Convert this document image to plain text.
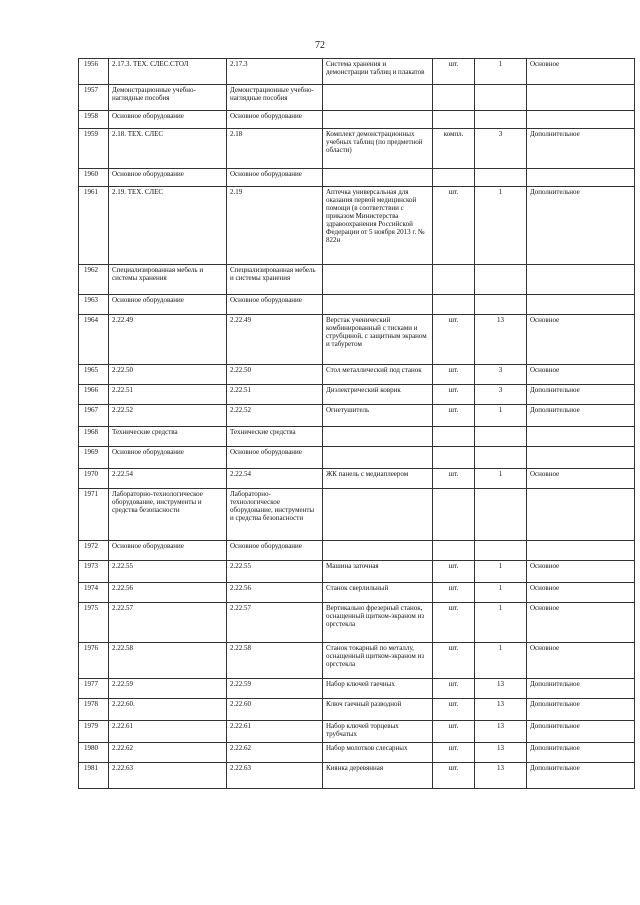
72
1956	2.17.3. ТЕХ. СЛЕС.СТОЛ	2.17.3	Система хранения и демонстрации таблиц и плакатов	шт.	1	Основное
1957	Демонстрационные учебно-наглядные пособия	Демонстрационные учебно-наглядные пособия				
1958	Основное оборудование	Основное оборудование				
1959	2.18. ТЕХ. СЛЕС	2.18	Комплект демонстрационных учебных таблиц (по предметной области)	компл.	3	Дополнительное
1960	Основное оборудование	Основное оборудование				
1961	2.19. ТЕХ. СЛЕС	2.19	Аптечка универсальная для оказания первой медицинской помощи (в соответствии с приказом Министерства здравоохранения Российской Федерации от 5 ноября 2013 г. № 822н	шт.	1	Дополнительное
1962	Специализированная мебель и системы хранения	Специализированная мебель и системы хранения				
1963	Основное оборудование	Основное оборудование				
1964	2.22.49	2.22.49	Верстак ученический комбинированный с тисками и струбциной, с защитным экраном и табуретом	шт.	13	Основное
1965	2.22.50	2.22.50	Стол металлический под станок	шт.	3	Основное
1966	2.22.51	2.22.51	Диэлектрический коврик	шт.	3	Дополнительное
1967	2.22.52	2.22.52	Огнетушитель	шт.	1	Дополнительное
1968	Технические средства	Технические средства				
1969	Основное оборудование	Основное оборудование				
1970	2.22.54	2.22.54	ЖК панель с медиаплеером	шт.	1	Основное
1971	Лабораторно-технологическое оборудование, инструменты и средства безопасности	Лабораторно-технологическое оборудование, инструменты и средства безопасности				
1972	Основное оборудование	Основное оборудование				
1973	2.22.55	2.22.55	Машина заточная	шт.	1	Основное
1974	2.22.56	2.22.56	Станок сверлильный	шт.	1	Основное
1975	2.22.57	2.22.57	Вертикально фрезерный станок, оснащенный щитком-экраном из оргстекла	шт.	1	Основное
1976	2.22.58	2.22.58	Станок токарный по металлу, оснащенный щитком-экраном из оргстекла	шт.	1	Основное
1977	2.22.59	2.22.59	Набор ключей гаечных	шт.	13	Дополнительное
1978	2.22.60.	2.22.60	Ключ гаечный разводной	шт.	13	Дополнительное
1979	2.22.61	2.22.61	Набор ключей торцевых трубчатых	шт.	13	Дополнительное
1980	2.22.62	2.22.62	Набор молотков слесарных	шт.	13	Дополнительное
1981	2.22.63	2.22.63	Киянка деревянная	шт.	13	Дополнительное
